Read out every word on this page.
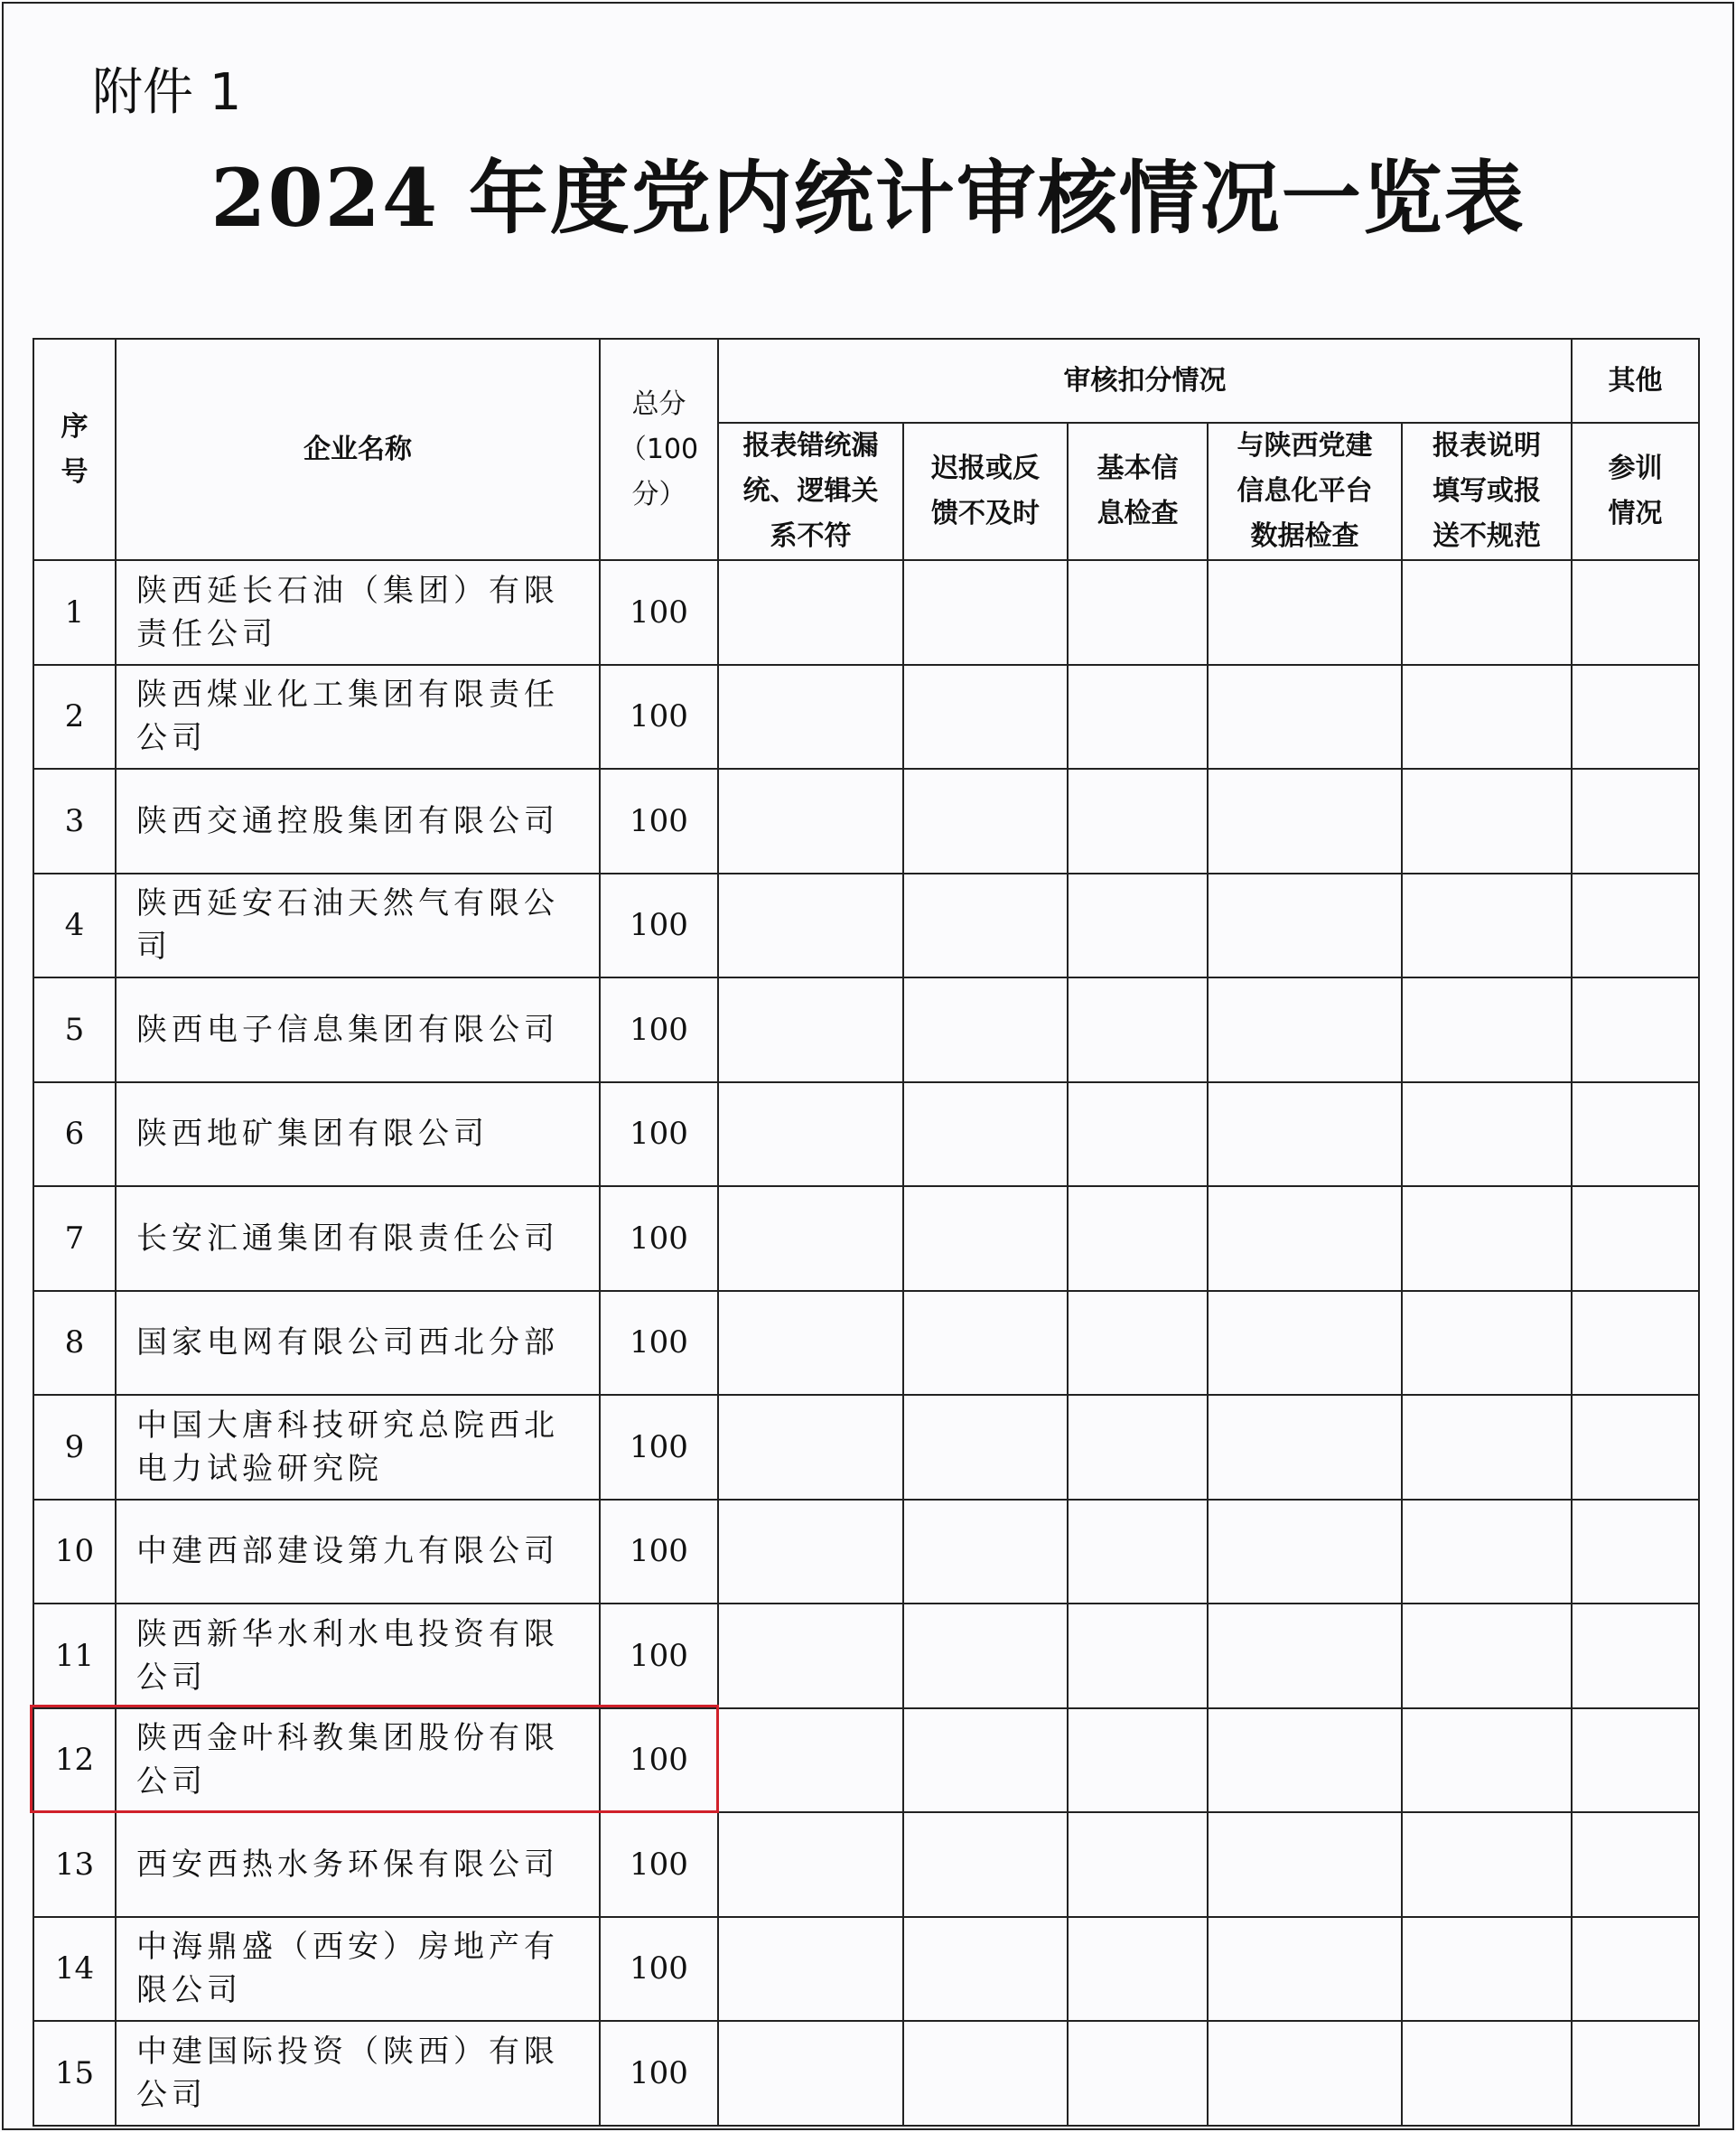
附件 1
2024 年度党内统计审核情况一览表
序号	企业名称	总分（100分）	审核扣分情况					其他
			报表错统漏统、逻辑关系不符	迟报或反馈不及时	基本信息检查	与陕西党建信息化平台数据检查	报表说明填写或报送不规范	参训情况
1	陕西延长石油（集团）有限责任公司	100						
2	陕西煤业化工集团有限责任公司	100						
3	陕西交通控股集团有限公司	100						
4	陕西延安石油天然气有限公司	100						
5	陕西电子信息集团有限公司	100						
6	陕西地矿集团有限公司	100						
7	长安汇通集团有限责任公司	100						
8	国家电网有限公司西北分部	100						
9	中国大唐科技研究总院西北电力试验研究院	100						
10	中建西部建设第九有限公司	100						
11	陕西新华水利水电投资有限公司	100						
12	陕西金叶科教集团股份有限公司	100						
13	西安西热水务环保有限公司	100						
14	中海鼎盛（西安）房地产有限公司	100						
15	中建国际投资（陕西）有限公司	100						
